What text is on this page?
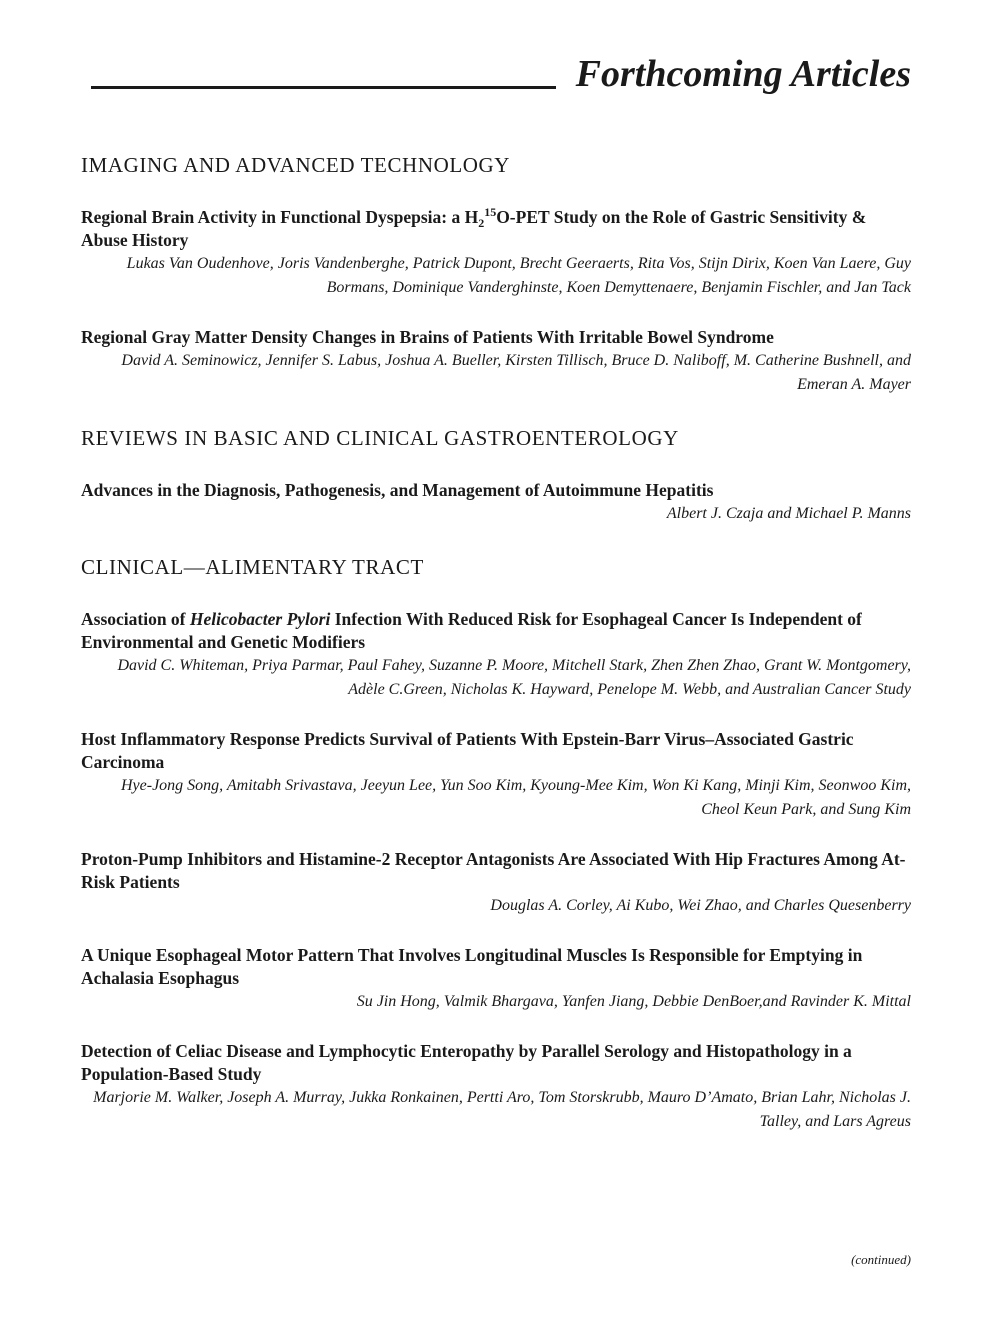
Forthcoming Articles
IMAGING AND ADVANCED TECHNOLOGY

Regional Brain Activity in Functional Dyspepsia: a $H_2^{15}O$-PET Study on the Role of Gastric Sensitivity & Abuse History

Lukas Van Oudenhove, Joris Vandenberghe, Patrick Dupont, Brecht Geeraerts, Rita Vos, Stijn Dirix, Koen Van Laere, Guy Bormans, Dominique Vanderghinste, Koen Demyttenaere, Benjamin Fischler, and Jan Tack

Regional Gray Matter Density Changes in Brains of Patients With Irritable Bowel Syndrome

David A. Seminowicz, Jennifer S. Labus, Joshua A. Bueller, Kirsten Tillisch, Bruce D. Naliboff, M. Catherine Bushnell, and Emeran A. Mayer

REVIEWS IN BASIC AND CLINICAL GASTROENTEROLOGY

Advances in the Diagnosis, Pathogenesis, and Management of Autoimmune Hepatitis

Albert J. Czaja and Michael P. Manns

CLINICAL—ALIMENTARY TRACT

Association of Helicobacter Pylori Infection With Reduced Risk for Esophageal Cancer Is Independent of Environmental and Genetic Modifiers

David C. Whiteman, Priya Parmar, Paul Fahey, Suzanne P. Moore, Mitchell Stark, Zhen Zhen Zhao, Grant W. Montgomery, Adèle C.Green, Nicholas K. Hayward, Penelope M. Webb, and Australian Cancer Study

Host Inflammatory Response Predicts Survival of Patients With Epstein-Barr Virus–Associated Gastric Carcinoma

Hye-Jong Song, Amitabh Srivastava, Jeeyun Lee, Yun Soo Kim, Kyoung-Mee Kim, Won Ki Kang, Minji Kim, Seonwoo Kim, Cheol Keun Park, and Sung Kim

Proton-Pump Inhibitors and Histamine-2 Receptor Antagonists Are Associated With Hip Fractures Among At-Risk Patients

Douglas A. Corley, Ai Kubo, Wei Zhao, and Charles Quesenberry

A Unique Esophageal Motor Pattern That Involves Longitudinal Muscles Is Responsible for Emptying in Achalasia Esophagus

Su Jin Hong, Valmik Bhargava, Yanfen Jiang, Debbie DenBoer,and Ravinder K. Mittal

Detection of Celiac Disease and Lymphocytic Enteropathy by Parallel Serology and Histopathology in a Population-Based Study

Marjorie M. Walker, Joseph A. Murray, Jukka Ronkainen, Pertti Aro, Tom Storskrubb, Mauro D’Amato, Brian Lahr, Nicholas J. Talley, and Lars Agreus

(continued)
